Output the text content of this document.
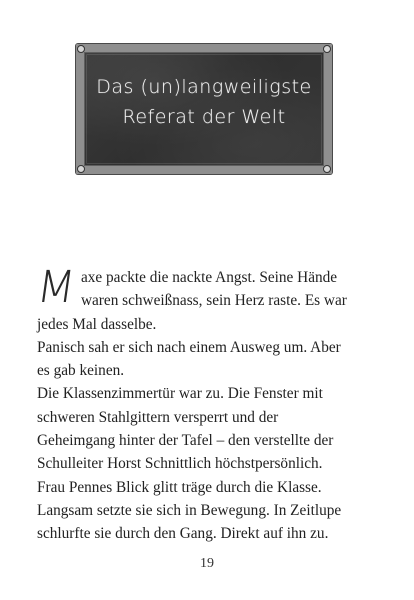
Das (un)langweiligste
Referat der Welt

M axe packte die nackte Angst. Seine Hände
waren schweißnass, sein Herz raste. Es war
jedes Mal dasselbe.

Panisch sah er sich nach einem Ausweg um. Aber
es gab keinen.

Die Klassenzimmertür war zu. Die Fenster mit
schweren Stahlgittern versperrt und der
Geheimgang hinter der Tafel – den verstellte der
Schulleiter Horst Schnittlich höchstpersönlich.

Frau Pennes Blick glitt träge durch die Klasse.
Langsam setzte sie sich in Bewegung. In Zeitlupe
schlurfte sie durch den Gang. Direkt auf ihn zu.

19
